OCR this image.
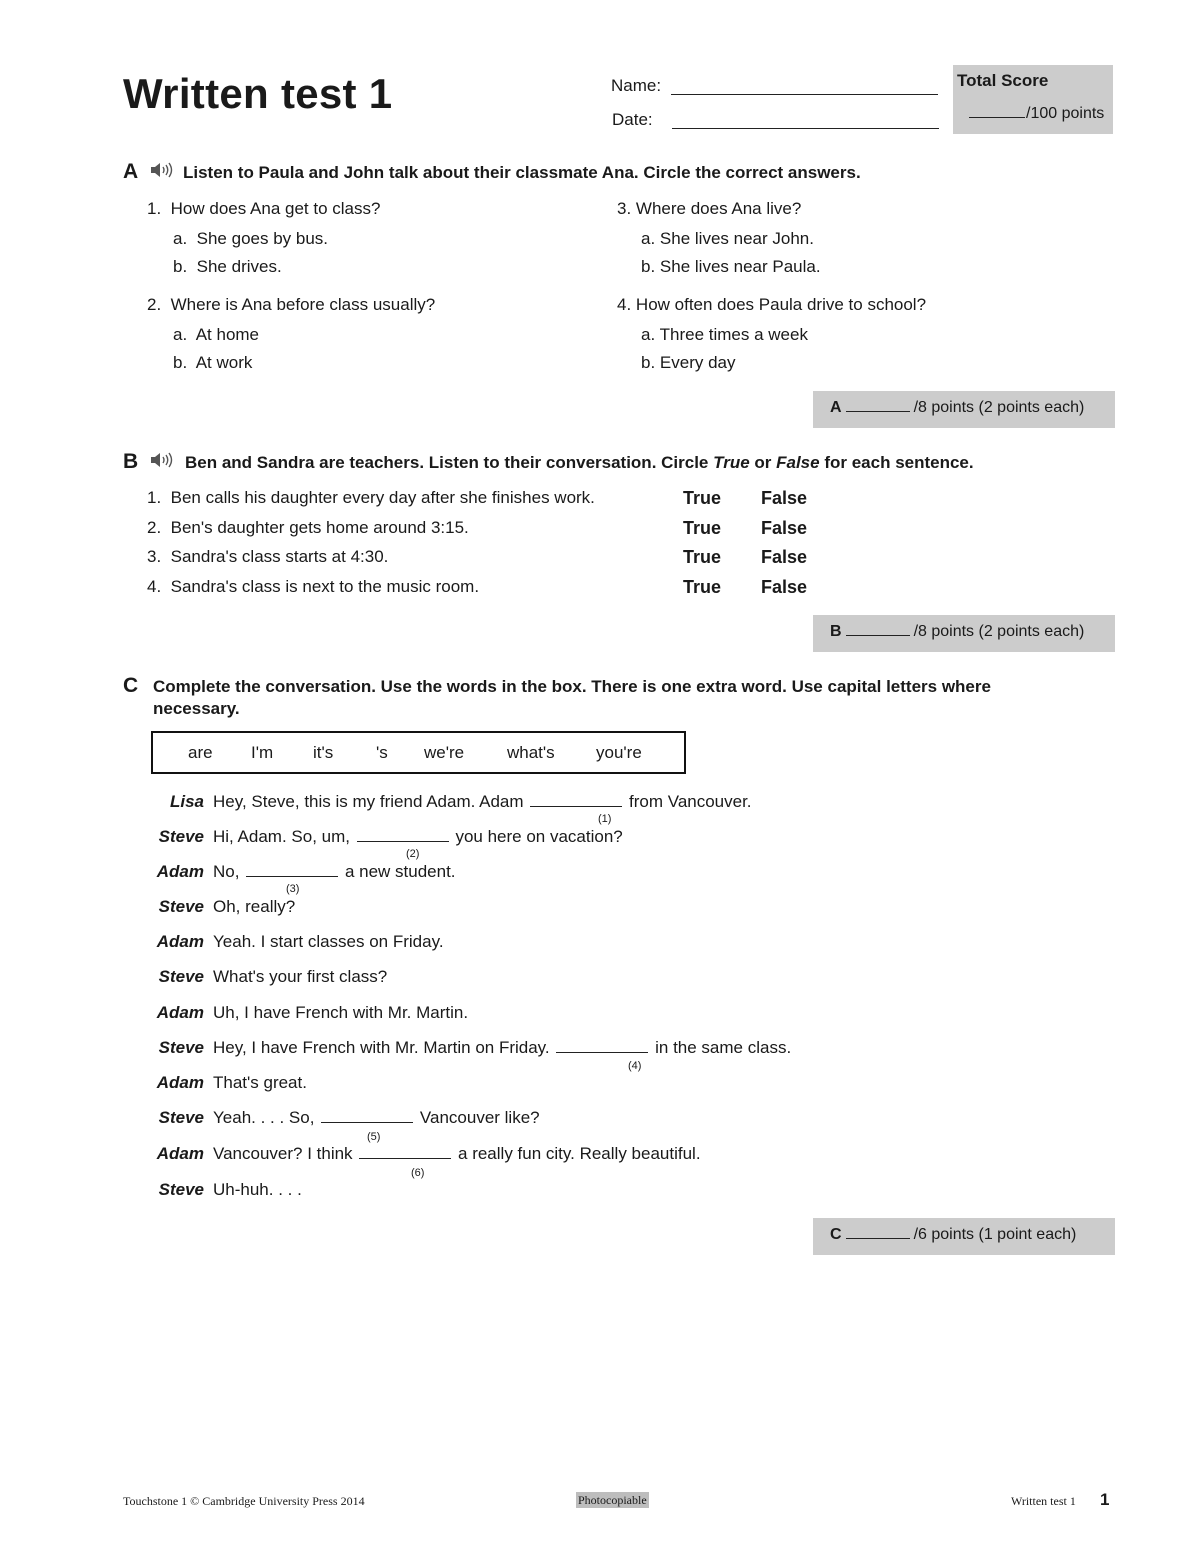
Written test 1	Name:
Date:
Total Score
/100 points
A	Listen to Paula and John talk about their classmate Ana. Circle the correct answers.
1. How does Ana get to class?
a. She goes by bus.
b. She drives.
2. Where is Ana before class usually?
a. At home
b. At work
3. Where does Ana live?
a. She lives near John.
b. She lives near Paula.
4. How often does Paula drive to school?
a. Three times a week
b. Every day
A	/8 points (2 points each)
B	Ben and Sandra are teachers. Listen to their conversation. Circle True or False for each sentence.
1. Ben calls his daughter every day after she finishes work.	True False
2. Ben's daughter gets home around 3:15.	True False
3. Sandra's class starts at 4:30.	True False
4. Sandra's class is next to the music room.	True False
B	/8 points (2 points each)
C Complete the conversation. Use the words in the box. There is one extra word. Use capital letters where
necessary.
are I'm it's	's we're	what's you're
Lisa Hey, Steve, this is my friend Adam. Adam	from Vancouver.
(1)
Steve Hi, Adam. So, um,	you here on vacation?
(2)
Adam No,	a new student.
(3)
Steve Oh, really?
Adam Yeah. I start classes on Friday.
Steve What's your first class?
Adam Uh, I have French with Mr. Martin.
Steve Hey, I have French with Mr. Martin on Friday.	in the same class.
(4)
Adam That's great.
Steve Yeah. . . . So,	Vancouver like?
(5)
Adam Vancouver? I think	a really fun city. Really beautiful.
(6)
Steve Uh-huh. . . .
C	/6 points (1 point each)
Touchstone 1 © Cambridge University Press 2014	Photocopiable	Written test 1 1
